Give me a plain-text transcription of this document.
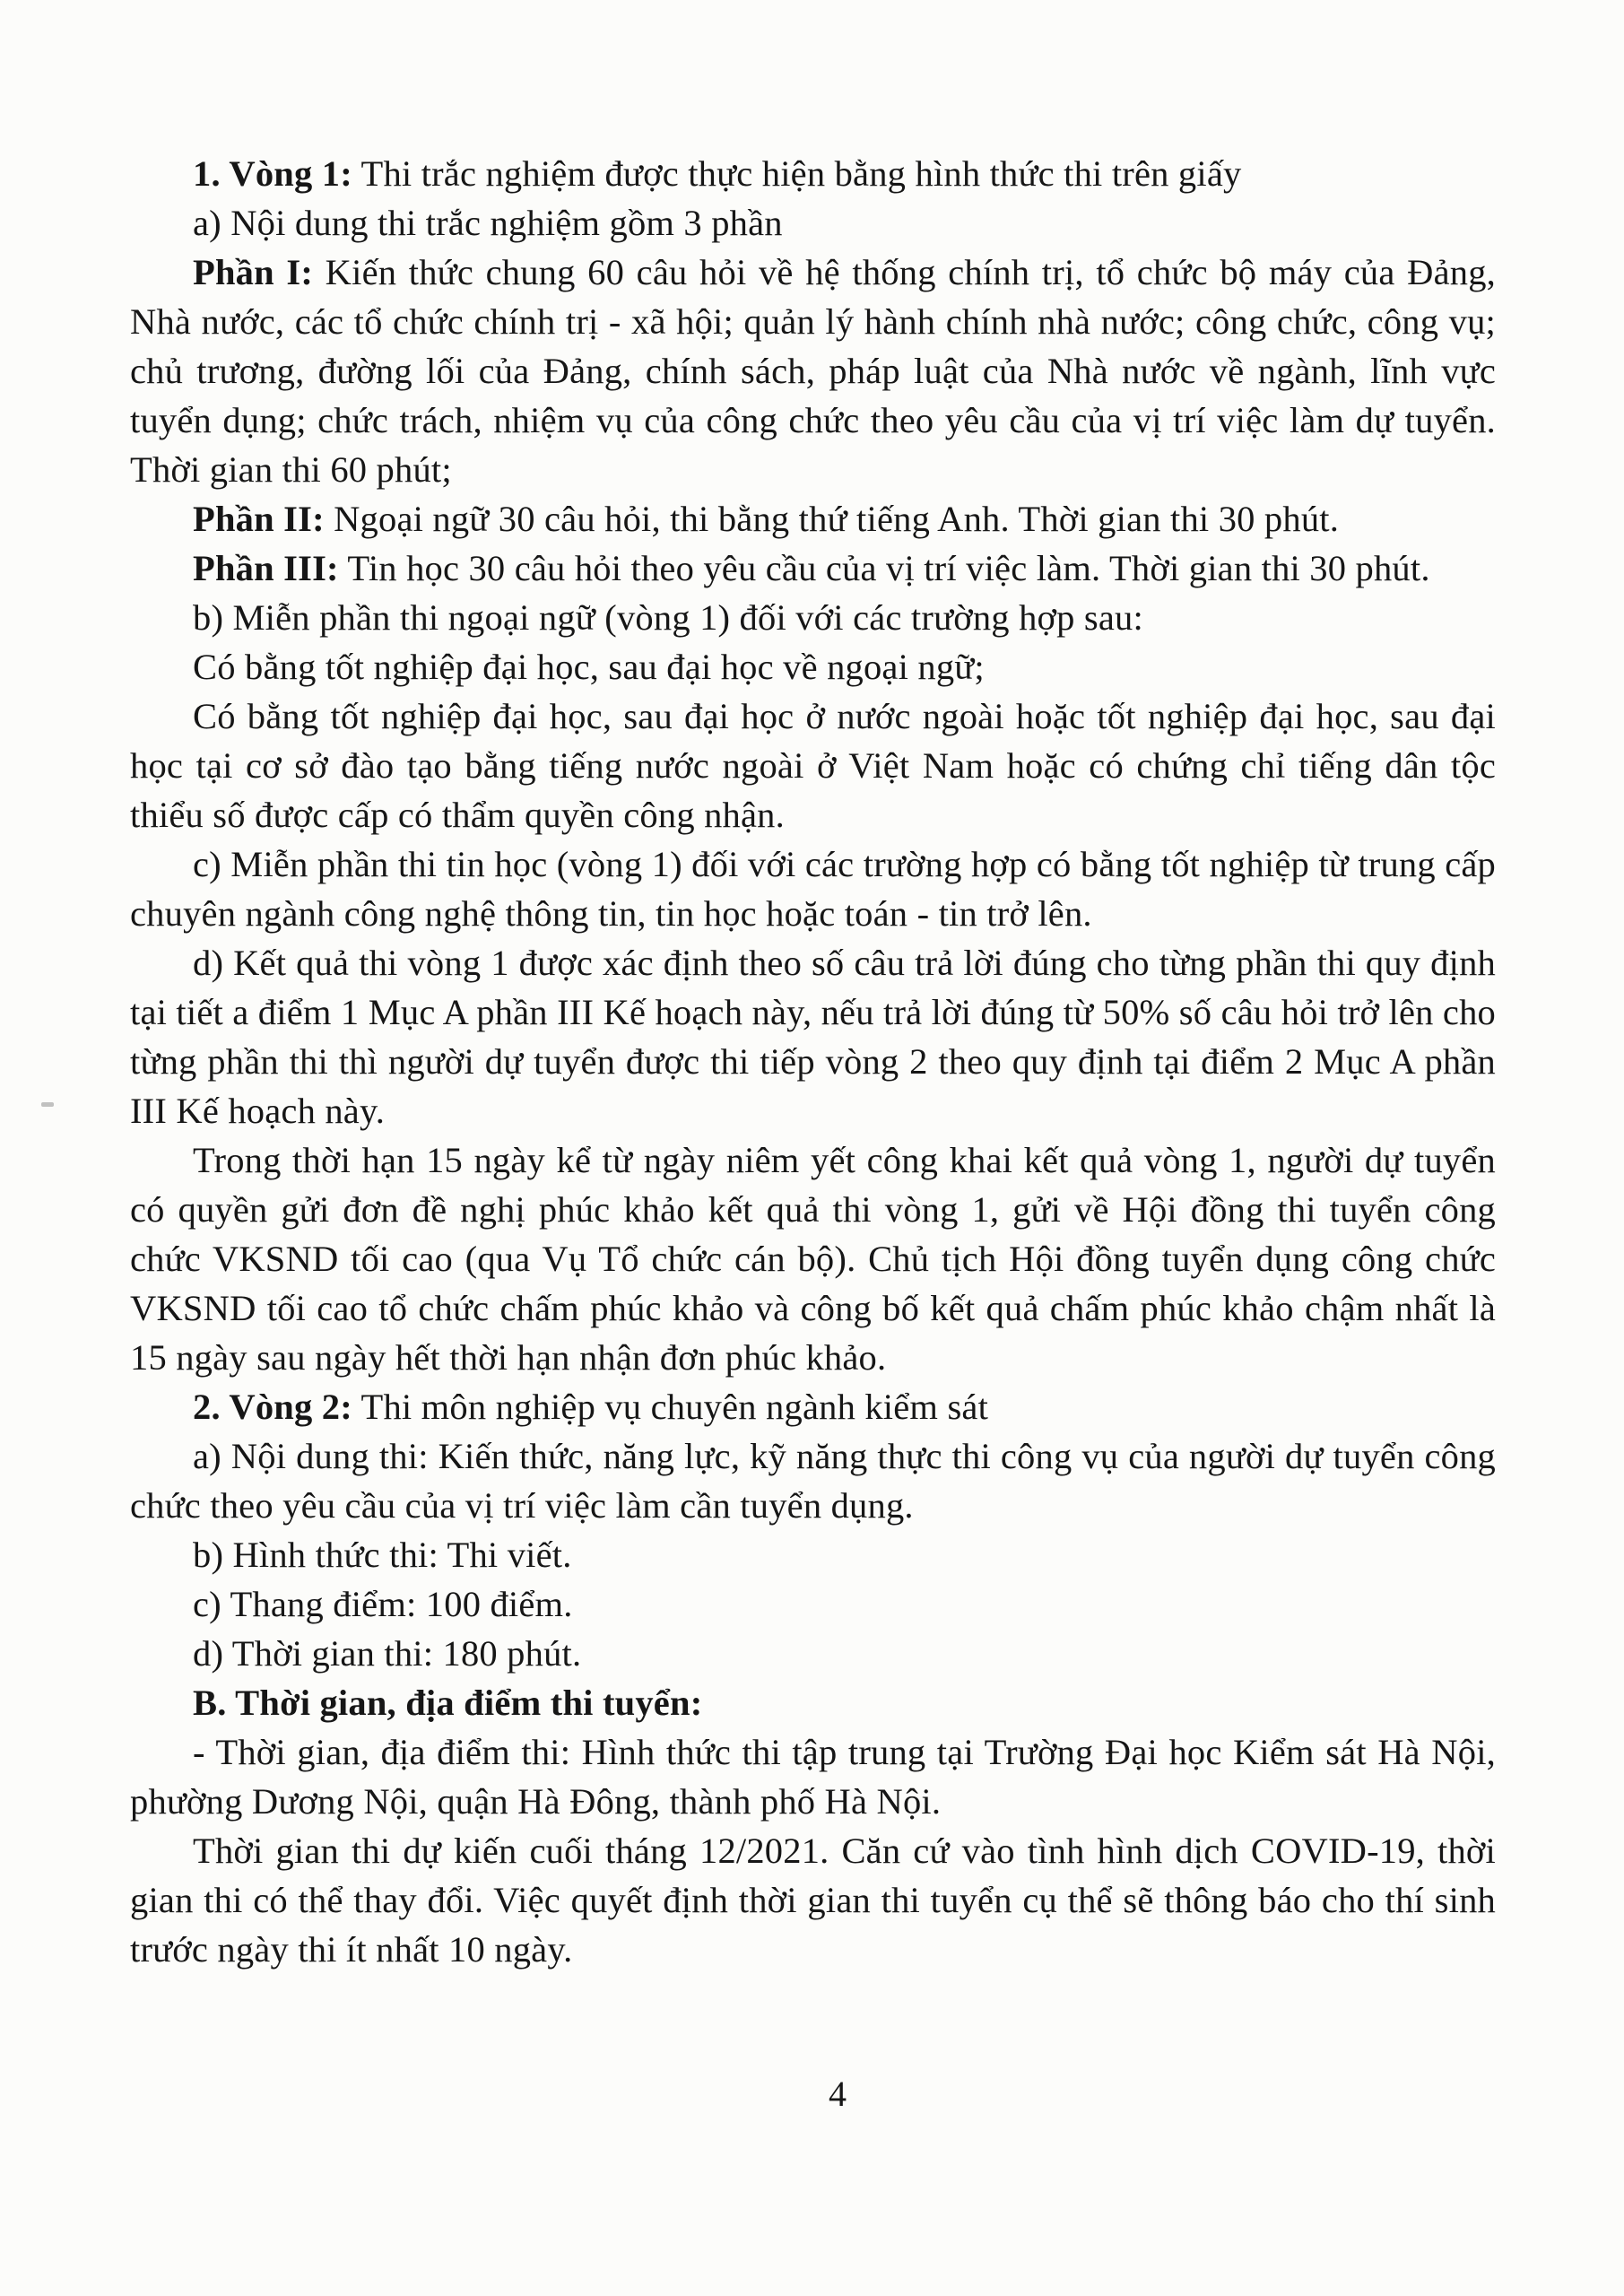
1. Vòng 1: Thi trắc nghiệm được thực hiện bằng hình thức thi trên giấy

a) Nội dung thi trắc nghiệm gồm 3 phần

Phần I: Kiến thức chung 60 câu hỏi về hệ thống chính trị, tổ chức bộ máy của Đảng, Nhà nước, các tổ chức chính trị - xã hội; quản lý hành chính nhà nước; công chức, công vụ; chủ trương, đường lối của Đảng, chính sách, pháp luật của Nhà nước về ngành, lĩnh vực tuyển dụng; chức trách, nhiệm vụ của công chức theo yêu cầu của vị trí việc làm dự tuyển. Thời gian thi 60 phút;

Phần II: Ngoại ngữ 30 câu hỏi, thi bằng thứ tiếng Anh. Thời gian thi 30 phút.

Phần III: Tin học 30 câu hỏi theo yêu cầu của vị trí việc làm. Thời gian thi 30 phút.

b) Miễn phần thi ngoại ngữ (vòng 1) đối với các trường hợp sau:

Có bằng tốt nghiệp đại học, sau đại học về ngoại ngữ;

Có bằng tốt nghiệp đại học, sau đại học ở nước ngoài hoặc tốt nghiệp đại học, sau đại học tại cơ sở đào tạo bằng tiếng nước ngoài ở Việt Nam hoặc có chứng chỉ tiếng dân tộc thiểu số được cấp có thẩm quyền công nhận.

c) Miễn phần thi tin học (vòng 1) đối với các trường hợp có bằng tốt nghiệp từ trung cấp chuyên ngành công nghệ thông tin, tin học hoặc toán - tin trở lên.

d) Kết quả thi vòng 1 được xác định theo số câu trả lời đúng cho từng phần thi quy định tại tiết a điểm 1 Mục A phần III Kế hoạch này, nếu trả lời đúng từ 50% số câu hỏi trở lên cho từng phần thi thì người dự tuyển được thi tiếp vòng 2 theo quy định tại điểm 2 Mục A phần III Kế hoạch này.

Trong thời hạn 15 ngày kể từ ngày niêm yết công khai kết quả vòng 1, người dự tuyển có quyền gửi đơn đề nghị phúc khảo kết quả thi vòng 1, gửi về Hội đồng thi tuyển công chức VKSND tối cao (qua Vụ Tổ chức cán bộ). Chủ tịch Hội đồng tuyển dụng công chức VKSND tối cao tổ chức chấm phúc khảo và công bố kết quả chấm phúc khảo chậm nhất là 15 ngày sau ngày hết thời hạn nhận đơn phúc khảo.

2. Vòng 2: Thi môn nghiệp vụ chuyên ngành kiểm sát

a) Nội dung thi: Kiến thức, năng lực, kỹ năng thực thi công vụ của người dự tuyển công chức theo yêu cầu của vị trí việc làm cần tuyển dụng.

b) Hình thức thi: Thi viết.

c) Thang điểm: 100 điểm.

d) Thời gian thi: 180 phút.

B. Thời gian, địa điểm thi tuyển:

- Thời gian, địa điểm thi: Hình thức thi tập trung tại Trường Đại học Kiểm sát Hà Nội, phường Dương Nội, quận Hà Đông, thành phố Hà Nội.

Thời gian thi dự kiến cuối tháng 12/2021. Căn cứ vào tình hình dịch COVID-19, thời gian thi có thể thay đổi. Việc quyết định thời gian thi tuyển cụ thể sẽ thông báo cho thí sinh trước ngày thi ít nhất 10 ngày.

4
